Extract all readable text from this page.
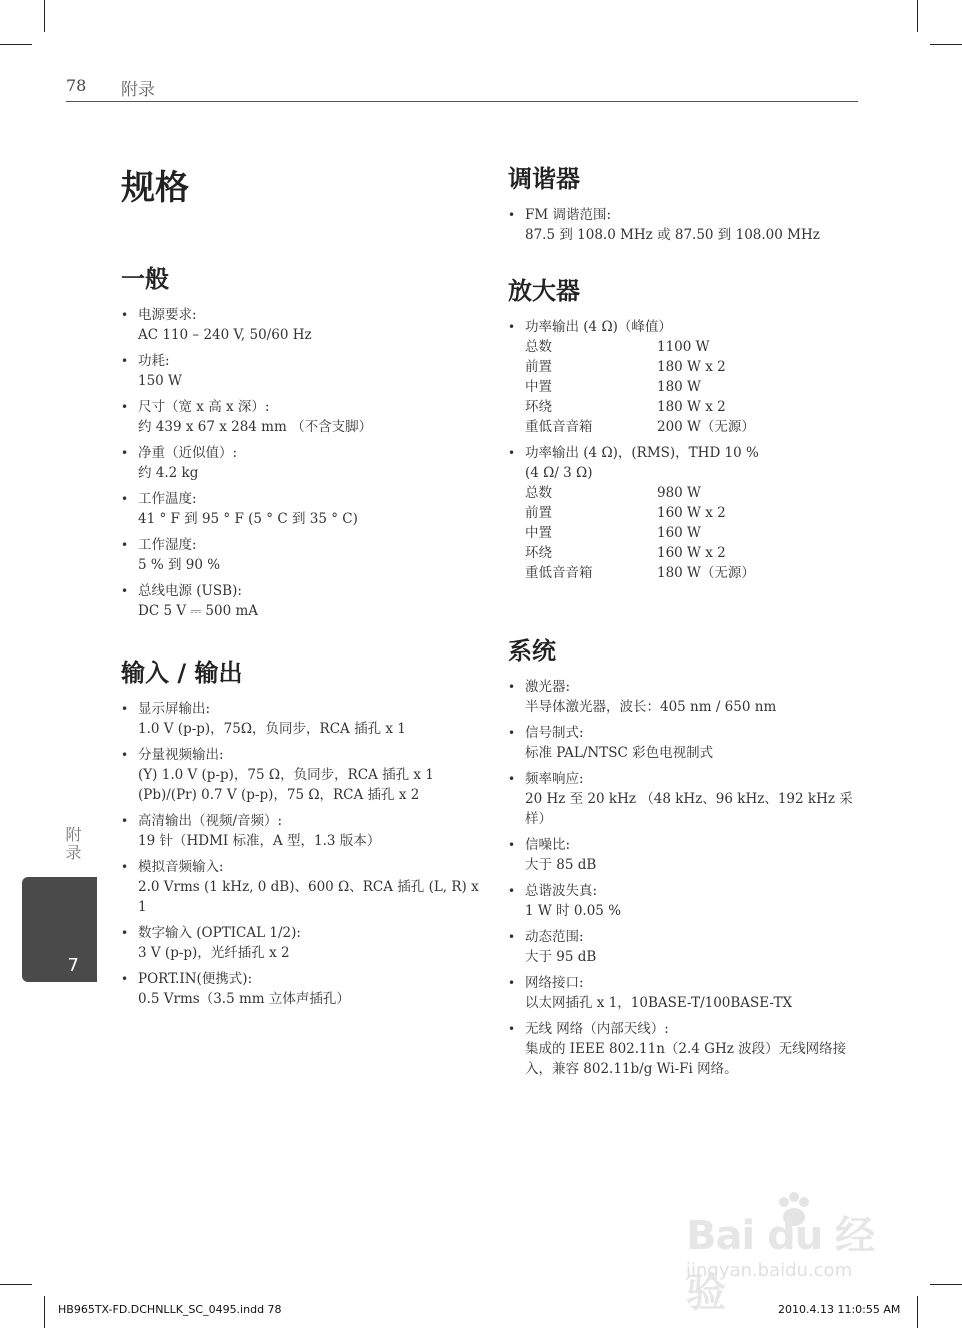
78 附录
规格
一般
• 电源要求:
AC 110 – 240 V, 50/60 Hz
• 功耗:
150 W
• 尺寸（宽 x 高 x 深）:
约 439 x 67 x 284 mm （不含支脚）
• 净重（近似值）:
约 4.2 kg
• 工作温度:
41 ° F 到 95 ° F (5 ° C 到 35 ° C)
• 工作湿度:
5 % 到 90 %
• 总线电源 (USB):
DC 5 V ⎓ 500 mA
输入 / 输出
• 显示屏输出:
1.0 V (p-p)，75Ω，负同步，RCA 插孔 x 1
• 分量视频输出:
(Y) 1.0 V (p-p)，75 Ω，负同步，RCA 插孔 x 1 (Pb)/(Pr) 0.7 V (p-p)，75 Ω，RCA 插孔 x 2
• 高清输出（视频/音频）:
19 针（HDMI 标准，A 型，1.3 版本）
• 模拟音频输入:
2.0 Vrms (1 kHz, 0 dB)、600 Ω、RCA 插孔 (L, R) x 1
• 数字输入 (OPTICAL 1/2):
3 V (p-p)，光纤插孔 x 2
• PORT.IN(便携式):
0.5 Vrms（3.5 mm 立体声插孔）
调谐器
• FM 调谐范围:
87.5 到 108.0 MHz 或 87.50 到 108.00 MHz
放大器
• 功率输出 (4 Ω)（峰值）
总数	1100 W
前置	180 W x 2
中置	180 W
环绕	180 W x 2
重低音音箱	200 W（无源）
• 功率输出 (4 Ω)，(RMS)，THD 10 %
(4 Ω/ 3 Ω)
总数	980 W
前置	160 W x 2
中置	160 W
环绕	160 W x 2
重低音音箱	180 W（无源）
系统
• 激光器:
半导体激光器，波长：405 nm / 650 nm
• 信号制式:
标准 PAL/NTSC 彩色电视制式
• 频率响应:
20 Hz 至 20 kHz （48 kHz、96 kHz、192 kHz 采样）
• 信噪比:
大于 85 dB
• 总谐波失真:
1 W 时 0.05 %
• 动态范围:
大于 95 dB
• 网络接口:
以太网插孔 x 1，10BASE-T/100BASE-TX
• 无线 网络（内部天线）:
集成的 IEEE 802.11n（2.4 GHz 波段）无线网络接入，兼容 802.11b/g Wi-Fi 网络。
附录
7
Bai du 经验
jingyan.baidu.com
HB965TX-FD.DCHNLLK_SC_0495.indd 78	2010.4.13 11:0:55 AM
